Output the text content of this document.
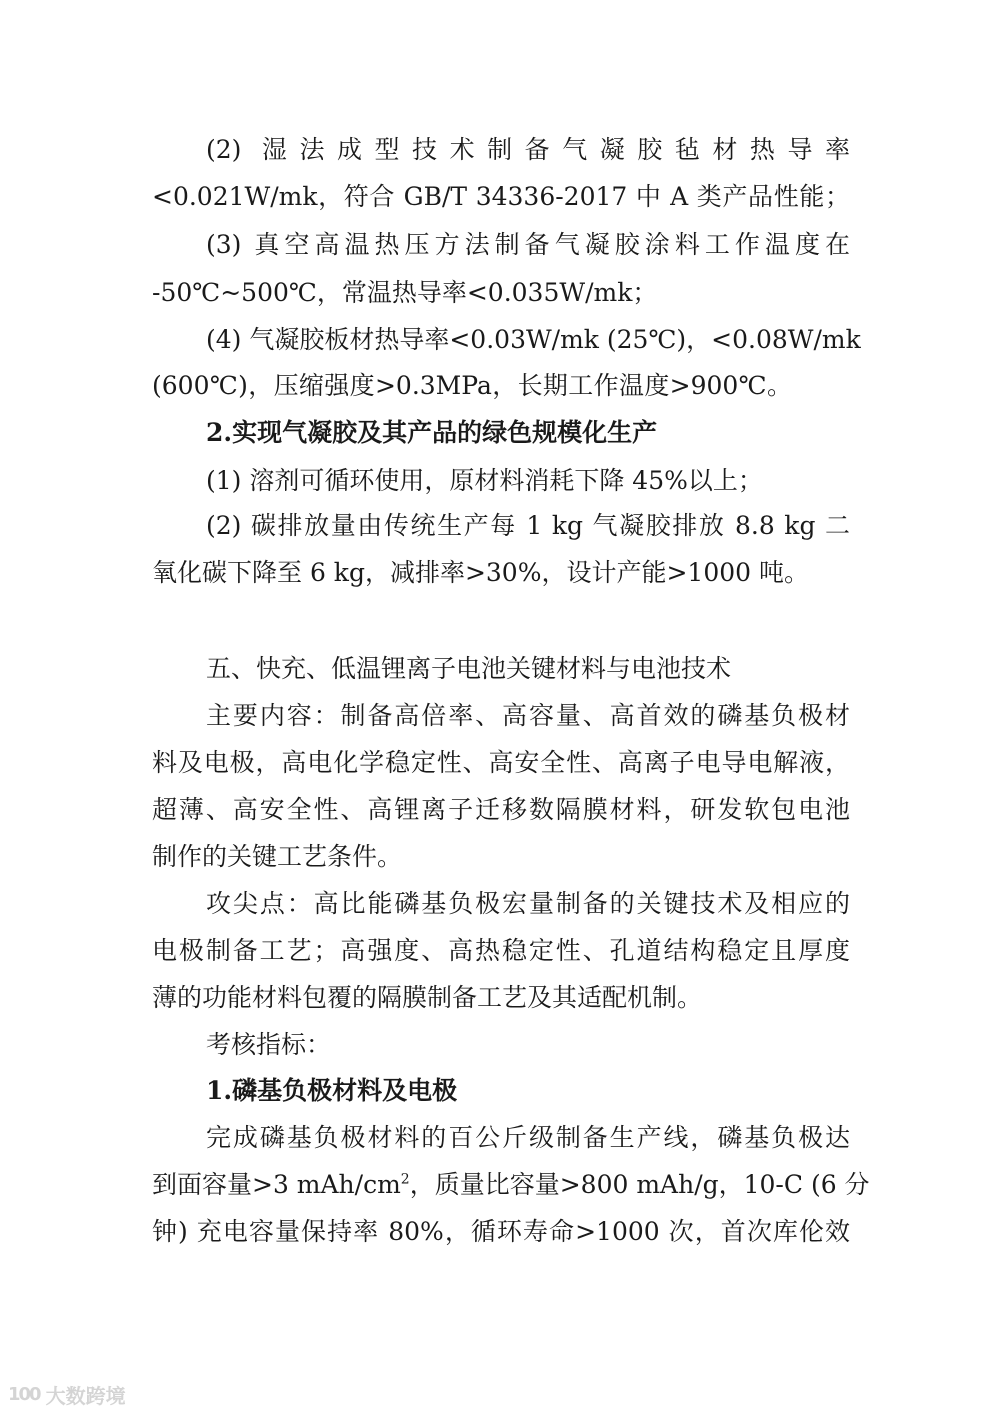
(2) 湿法成型技术制备气凝胶毡材热导率
<0.021W/mk，符合 GB/T 34336-2017 中 A 类产品性能；
(3) 真空高温热压方法制备气凝胶涂料工作温度在
-50℃~500℃，常温热导率<0.035W/mk；
(4) 气凝胶板材热导率<0.03W/mk (25℃)，<0.08W/mk
(600℃)，压缩强度>0.3MPa，长期工作温度>900℃。
2.实现气凝胶及其产品的绿色规模化生产
(1) 溶剂可循环使用，原材料消耗下降 45%以上；
(2) 碳排放量由传统生产每 1 kg 气凝胶排放 8.8 kg 二
氧化碳下降至 6 kg，减排率>30%，设计产能>1000 吨。
五、快充、低温锂离子电池关键材料与电池技术
主要内容：制备高倍率、高容量、高首效的磷基负极材
料及电极，高电化学稳定性、高安全性、高离子电导电解液，
超薄、高安全性、高锂离子迁移数隔膜材料，研发软包电池
制作的关键工艺条件。
攻尖点：高比能磷基负极宏量制备的关键技术及相应的
电极制备工艺；高强度、高热稳定性、孔道结构稳定且厚度
薄的功能材料包覆的隔膜制备工艺及其适配机制。
考核指标：
1.磷基负极材料及电极
完成磷基负极材料的百公斤级制备生产线，磷基负极达
到面容量>3 mAh/$cm^2$，质量比容量>800 mAh/g，10-C (6 分
钟) 充电容量保持率 80%，循环寿命>1000 次，首次库伦效
100 大数跨境
